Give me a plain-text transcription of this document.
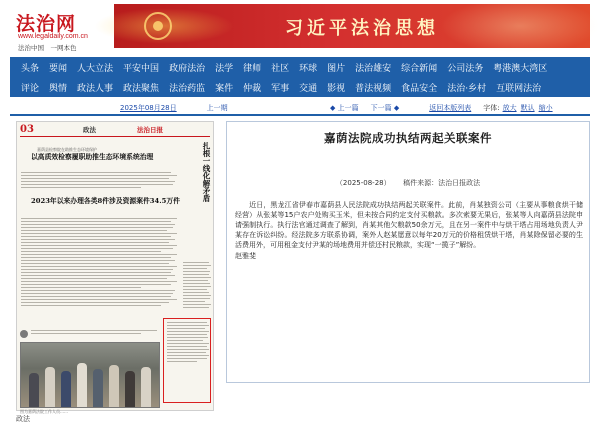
法治网
www.legaldaily.com.cn
法治中国　一网本色
习近平法治思想
头条	要闻	人大立法	平安中国	政府法治	法学	律师	社区	环球	图片	法治雄安	综合新闻	公司法务	粤港澳大湾区
评论	舆情	政法人事	政法聚焦	法治药监	案件	仲裁	军事	交通	影视	普法视频	食品安全	法治·乡村	互联网法治
2025年08月28日	上一期	◆ 上一篇 下一篇 ◆	返回本版列表 字体: 放大 默认 缩小
03	政法	法治日报
嘉荫县检察院在助推生态环境保护
以高质效检察履职助推生态环境系统治理
2023年以来办理各类8件涉及资源案件34.5万件	扎根一线化解矛盾
图为嘉荫法院工作人员……
政法
嘉荫法院成功执结两起关联案件
（2025-08-28） 稿件来源：法治日报政法
近日，黑龙江省伊春市嘉荫县人民法院成功执结两起关联案件。此前，肖某独资公司（主要从事粮食烘干储经营）从张某等15户农户处购买玉米，但未按合同约定支付买粮款。多次索要无果后，张某等人向嘉荫县法院申请强制执行。执行法官通过调查了解到，肖某其他欠粮款50余万元，且在另一案件中与烘干塔占用场地负责人尹某存在诉讼纠纷。经法院多方联系协调，案外人赵某愿意以每年20万元的价格租赁烘干塔，肖某除保留必要的生活费用外，可用租金支付尹某的场地费用并偿还村民粮款，实现“一揽子”解纷。
赵雅斐
